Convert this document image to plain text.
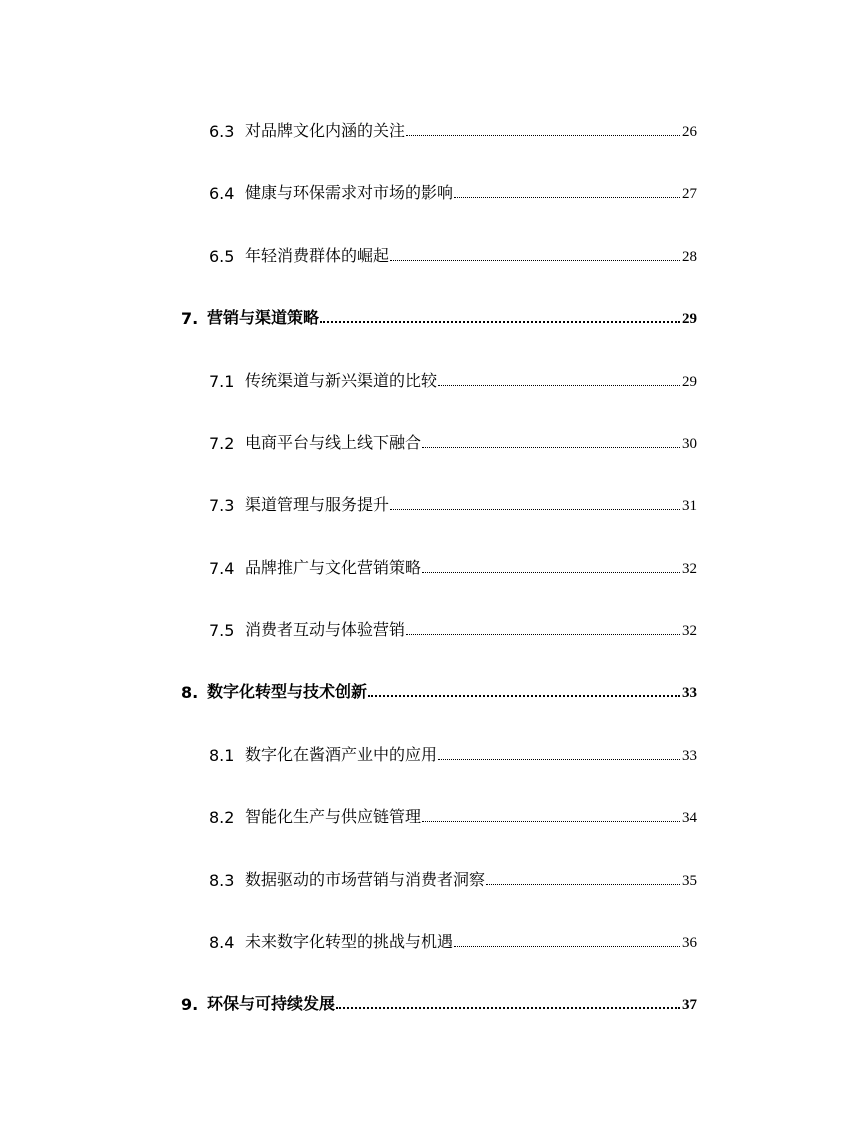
6.3 对品牌文化内涵的关注	26
6.4 健康与环保需求对市场的影响	27
6.5 年轻消费群体的崛起	28
7. 营销与渠道策略	29
7.1 传统渠道与新兴渠道的比较	29
7.2 电商平台与线上线下融合	30
7.3 渠道管理与服务提升	31
7.4 品牌推广与文化营销策略	32
7.5 消费者互动与体验营销	32
8. 数字化转型与技术创新	33
8.1 数字化在酱酒产业中的应用	33
8.2 智能化生产与供应链管理	34
8.3 数据驱动的市场营销与消费者洞察	35
8.4 未来数字化转型的挑战与机遇	36
9. 环保与可持续发展	37
